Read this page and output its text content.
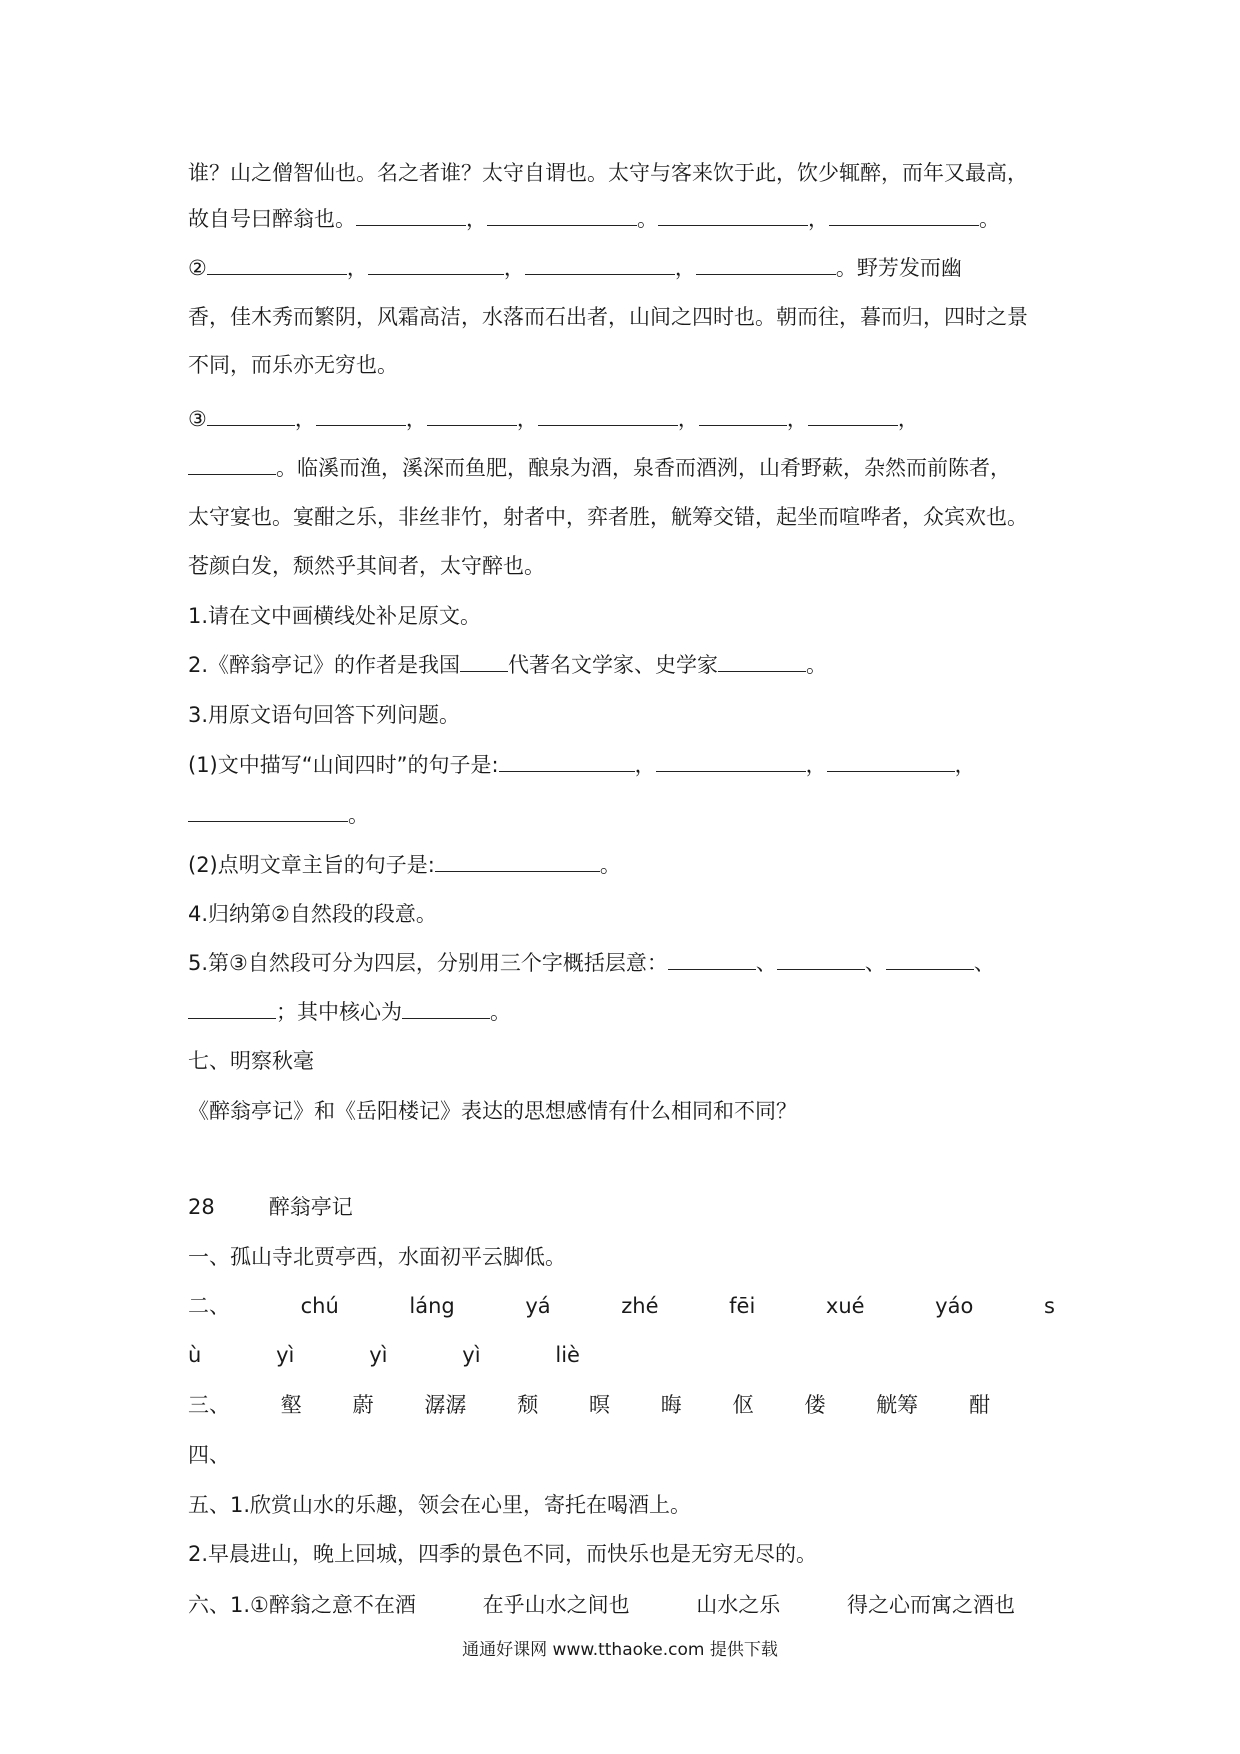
谁？山之僧智仙也。名之者谁？太守自谓也。太守与客来饮于此，饮少辄醉，而年又最高，
故自号曰醉翁也。	，	。	，	。
②	，	，	，	。野芳发而幽
香，佳木秀而繁阴，风霜高洁，水落而石出者，山间之四时也。朝而往，暮而归，四时之景
不同，而乐亦无穷也。
③	，	，	，	，	，	，
。临溪而渔，溪深而鱼肥，酿泉为酒，泉香而酒洌，山肴野蔌，杂然而前陈者，
太守宴也。宴酣之乐，非丝非竹，射者中，弈者胜，觥筹交错，起坐而喧哗者，众宾欢也。
苍颜白发，颓然乎其间者，太守醉也。
1.请在文中画横线处补足原文。
2.《醉翁亭记》的作者是我国 代著名文学家、史学家	。
3.用原文语句回答下列问题。
(1)文中描写“山间四时”的句子是:	，	，	，
。
(2)点明文章主旨的句子是:	。
4.归纳第②自然段的段意。
5.第③自然段可分为四层，分别用三个字概括层意：	、	、	、
；其中核心为	。
七、明察秋毫
《醉翁亭记》和《岳阳楼记》表达的思想感情有什么相同和不同？
28	醉翁亭记
一、孤山寺北贾亭西，水面初平云脚低。
二、	chú	láng	yá	zhé	fēi	xué	yáo	s
ù	yì	yì	yì	liè
三、 壑 蔚 潺潺 颓 暝 晦 伛 偻 觥筹 酣
四、
五、1.欣赏山水的乐趣，领会在心里，寄托在喝酒上。
2.早晨进山，晚上回城，四季的景色不同，而快乐也是无穷无尽的。
六、1.①醉翁之意不在酒	在乎山水之间也	山水之乐	得之心而寓之酒也
通通好课网 www.tthaoke.com 提供下载
